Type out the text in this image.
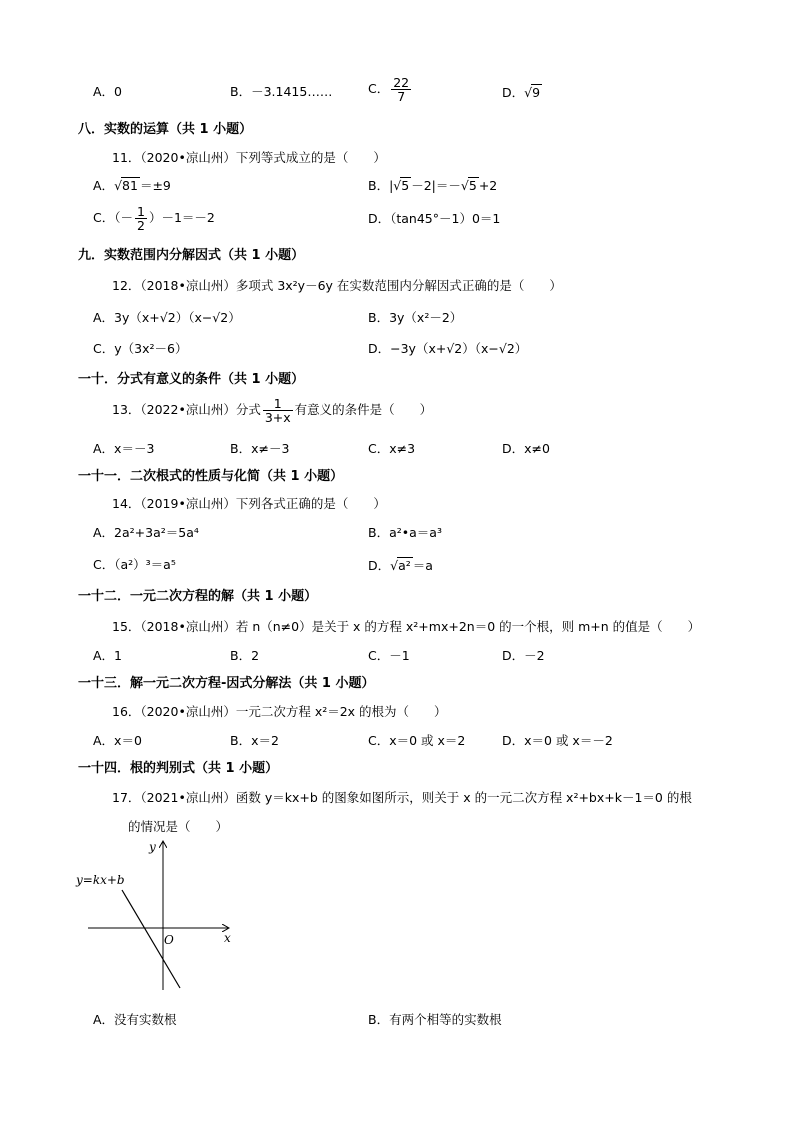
A．0	B．－3.1415……	C． $\frac{22}{7}$	D．√9
八．实数的运算（共 1 小题）
11．（2020•凉山州）下列等式成立的是（　　）
A．√81 ＝±9	B．|√5 －2|＝－√5 +2
C．（－ $\frac{1}{2} )-1=-2$	D．（tan45°－1）0＝1
九．实数范围内分解因式（共 1 小题）
12．（2018•凉山州）多项式 3x²y－6y 在实数范围内分解因式正确的是（　　）
A．3y（x+√2）（x−√2）	B．3y（x²－2）
C．y（3x²－6）	D．−3y（x+√2）（x−√2）
一十．分式有意义的条件（共 1 小题）
13．（2022•凉山州）分式 $\frac{1}{3+x}$ 有意义的条件是（　　）
A．x＝－3	B．x≠－3	C．x≠3	D．x≠0
一十一．二次根式的性质与化简（共 1 小题）
14．（2019•凉山州）下列各式正确的是（　　）
A．2a²+3a²＝5a⁴	B．a²•a＝a³
C．（a²）³＝a⁵	D．√a² ＝a
一十二．一元二次方程的解（共 1 小题）
15．（2018•凉山州）若 n（n≠0）是关于 x 的方程 x²+mx+2n＝0 的一个根，则 m+n 的值是（　　）
A．1	B．2	C．－1	D．－2
一十三．解一元二次方程-因式分解法（共 1 小题）
16．（2020•凉山州）一元二次方程 x²＝2x 的根为（　　）
A．x＝0	B．x＝2	C．x＝0 或 x＝2	D．x＝0 或 x＝－2
一十四．根的判别式（共 1 小题）
17．（2021•凉山州）函数 y＝kx+b 的图象如图所示，则关于 x 的一元二次方程 x²+bx+k－1＝0 的根
的情况是（　　）
y=kx+b
O	x
y
A．没有实数根	B．有两个相等的实数根
